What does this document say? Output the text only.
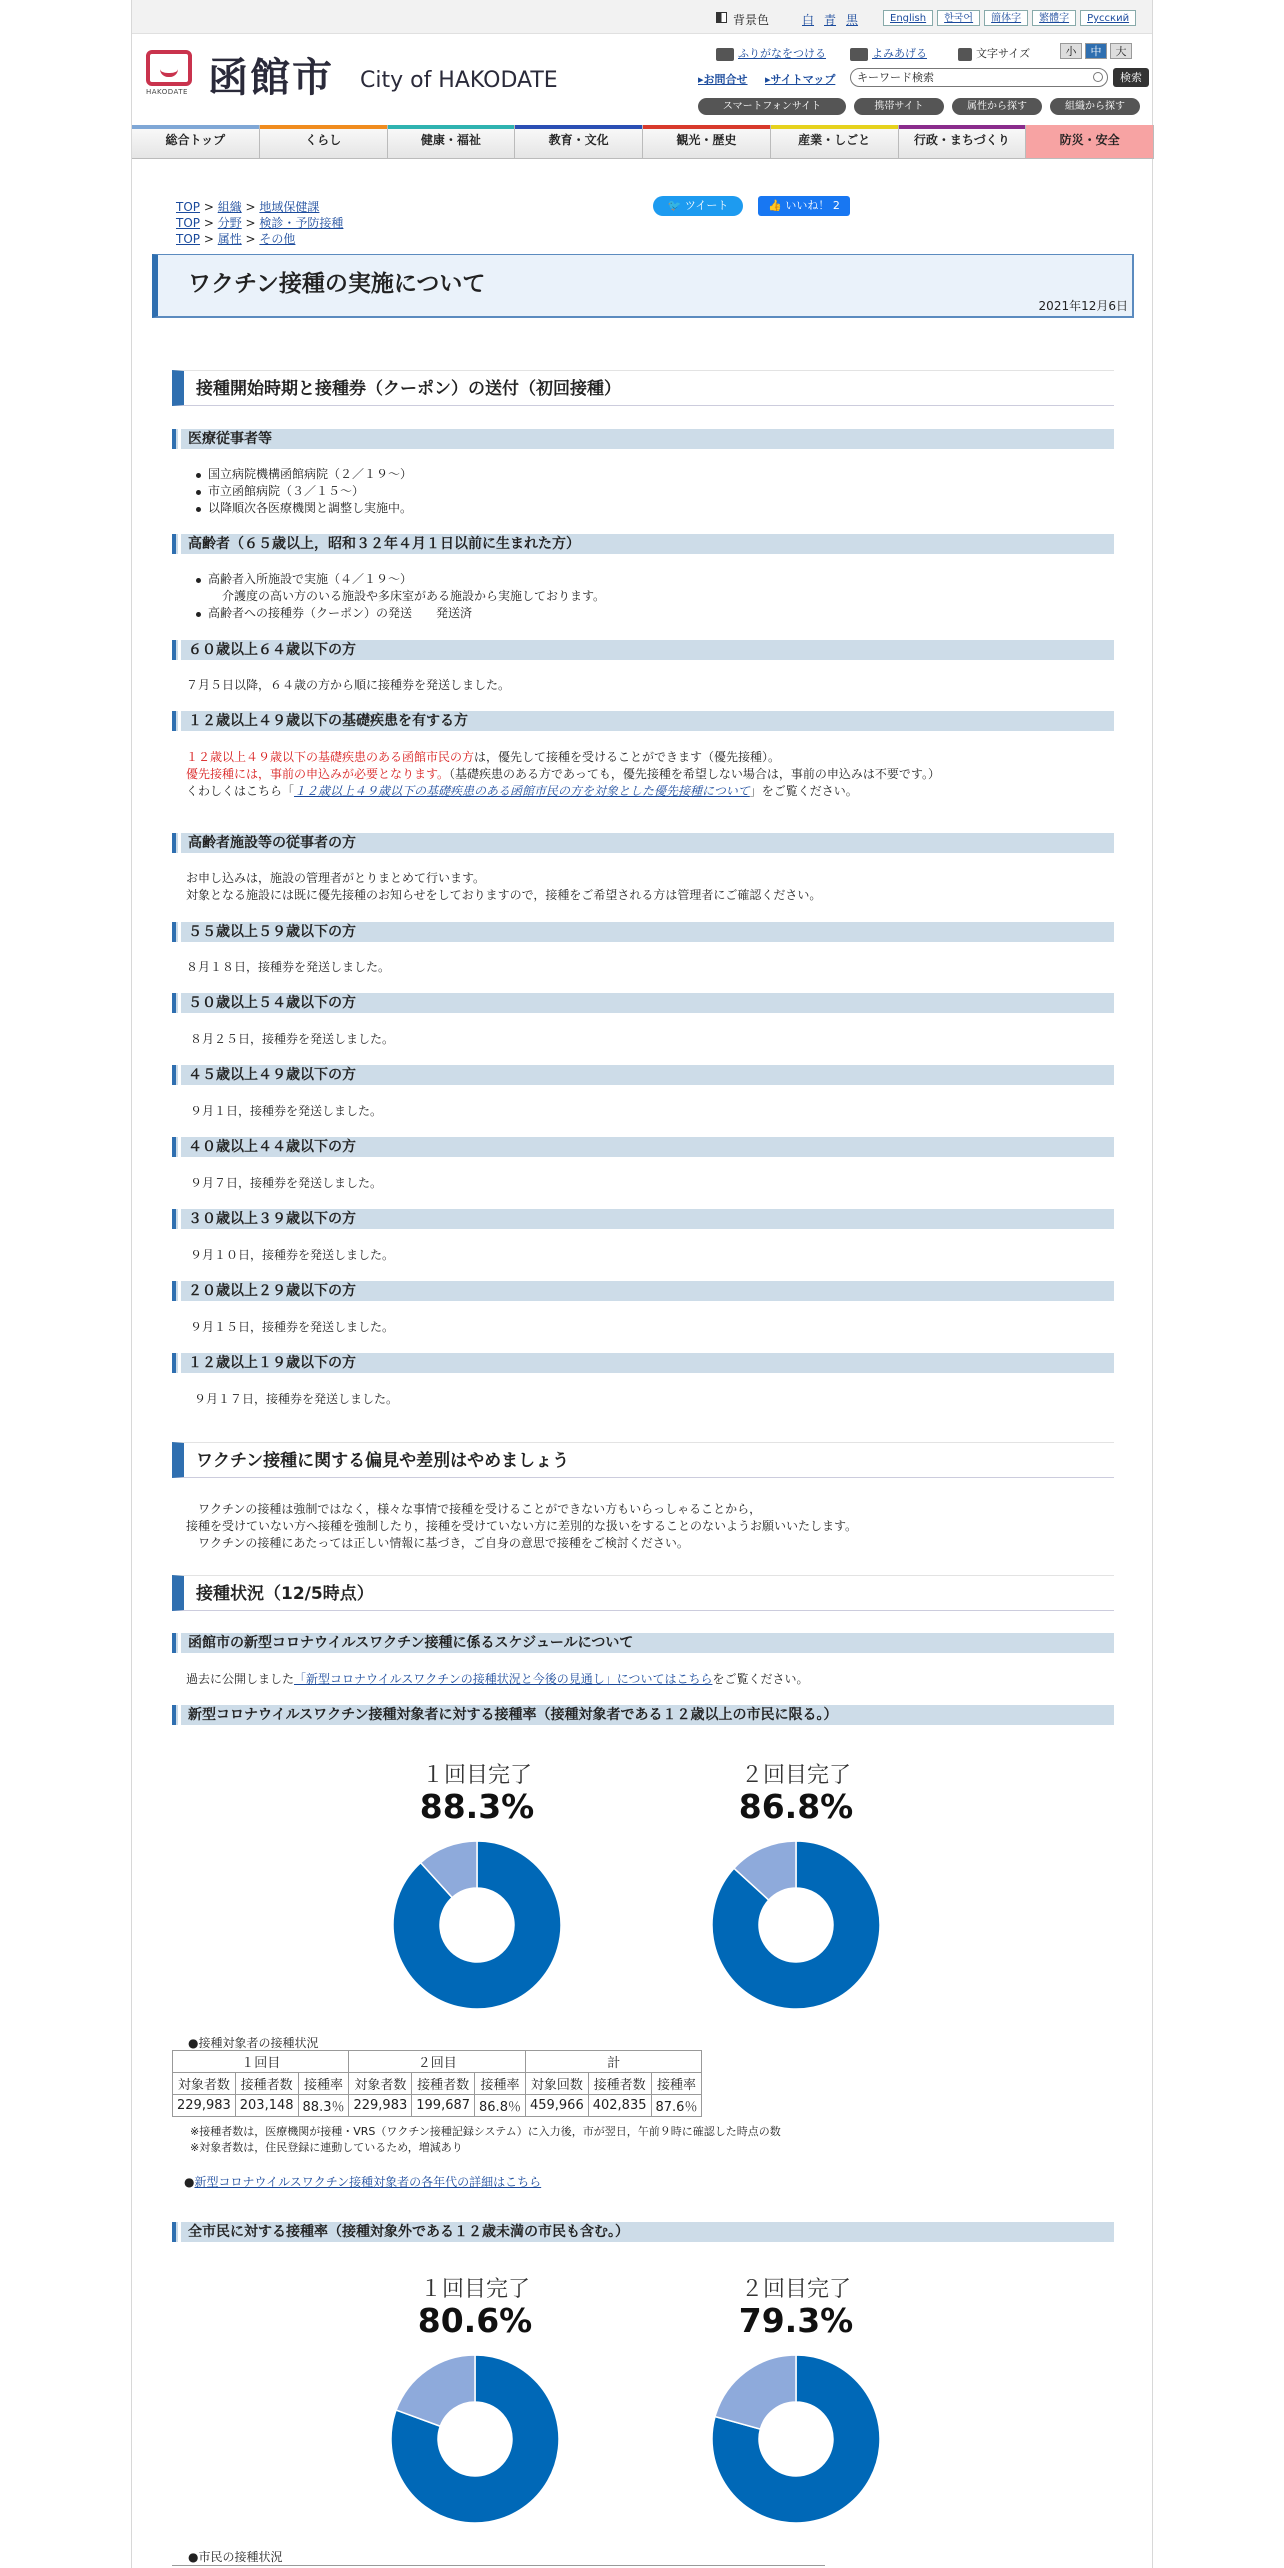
背景色	白 青 黒	English	한국어	簡体字	繁體字	Русский
HAKODATE 函館市 City of HAKODATE
ふりがなをつける	よみあげる	文字サイズ	小	中	大
▸お問合せ ▸サイトマップ	キーワード検索	検索
スマートフォンサイト	携帯サイト	属性から探す	組織から探す
総合トップ	くらし	健康・福祉	教育・文化	観光・歴史	産業・しごと	行政・まちづくり	防災・安全
TOP > 組織 > 地域保健課
TOP > 分野 > 検診・予防接種
TOP > 属性 > その他
🐦 ツイート	👍 いいね！ 2
ワクチン接種の実施について
2021年12月6日
接種開始時期と接種券（クーポン）の送付（初回接種）
医療従事者等
国立病院機構函館病院（２／１９～）
市立函館病院（３／１５～）
以降順次各医療機関と調整し実施中。
高齢者（６５歳以上，昭和３２年４月１日以前に生まれた方）
高齢者入所施設で実施（４／１９～）
介護度の高い方のいる施設や多床室がある施設から実施しております。
高齢者への接種券（クーポン）の発送　　発送済
６０歳以上６４歳以下の方
７月５日以降，６４歳の方から順に接種券を発送しました。
１２歳以上４９歳以下の基礎疾患を有する方
１２歳以上４９歳以下の基礎疾患のある函館市民の方は，優先して接種を受けることができます（優先接種）。
優先接種には，事前の申込みが必要となります。（基礎疾患のある方であっても，優先接種を希望しない場合は，事前の申込みは不要です。）
くわしくはこちら「１２歳以上４９歳以下の基礎疾患のある函館市民の方を対象とした優先接種について」をご覧ください。
高齢者施設等の従事者の方
お申し込みは，施設の管理者がとりまとめて行います。
対象となる施設には既に優先接種のお知らせをしておりますので，接種をご希望される方は管理者にご確認ください。
５５歳以上５９歳以下の方
８月１８日，接種券を発送しました。
５０歳以上５４歳以下の方
８月２５日，接種券を発送しました。
４５歳以上４９歳以下の方
９月１日，接種券を発送しました。
４０歳以上４４歳以下の方
９月７日，接種券を発送しました。
３０歳以上３９歳以下の方
９月１０日，接種券を発送しました。
２０歳以上２９歳以下の方
９月１５日，接種券を発送しました。
１２歳以上１９歳以下の方
９月１７日，接種券を発送しました。
ワクチン接種に関する偏見や差別はやめましょう
ワクチンの接種は強制ではなく，様々な事情で接種を受けることができない方もいらっしゃることから，
接種を受けていない方へ接種を強制したり，接種を受けていない方に差別的な扱いをすることのないようお願いいたします。
ワクチンの接種にあたっては正しい情報に基づき，ご自身の意思で接種をご検討ください。
接種状況（12/5時点）
函館市の新型コロナウイルスワクチン接種に係るスケジュールについて
過去に公開しました「新型コロナウイルスワクチンの接種状況と今後の見通し」についてはこちらをご覧ください。
新型コロナウイルスワクチン接種対象者に対する接種率（接種対象者である１２歳以上の市民に限る。）
１回目完了
88.3%
２回目完了
86.8%
●接種対象者の接種状況
１回目			２回目			計		
対象者数	接種者数	接種率	対象者数	接種者数	接種率	対象回数	接種者数	接種率
229,983	203,148	88.3％	229,983	199,687	86.8％	459,966	402,835	87.6％
※接種者数は，医療機関が接種・VRS（ワクチン接種記録システム）に入力後，市が翌日，午前９時に確認した時点の数
※対象者数は，住民登録に連動しているため，増減あり
●新型コロナウイルスワクチン接種対象者の各年代の詳細はこちら
全市民に対する接種率（接種対象外である１２歳未満の市民も含む。）
１回目完了
80.6%
２回目完了
79.3%
●市民の接種状況
